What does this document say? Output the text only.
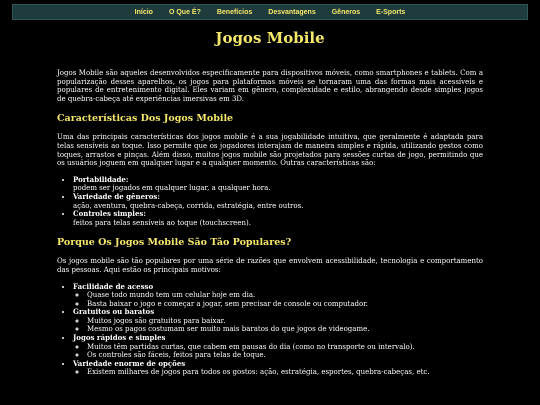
Início	O Que É?	Benefícios	Desvantagens	Gêneros	E-Sports
Jogos Mobile

Jogos Mobile são aqueles desenvolvidos especificamente para dispositivos móveis, como smartphones e tablets. Com a popularização desses aparelhos, os jogos para plataformas móveis se tornaram uma das formas mais acessíveis e populares de entretenimento digital. Eles variam em gênero, complexidade e estilo, abrangendo desde simples jogos de quebra-cabeça até experiências imersivas em 3D.

Características Dos Jogos Mobile

Uma das principais características dos jogos mobile é a sua jogabilidade intuitiva, que geralmente é adaptada para telas sensíveis ao toque. Isso permite que os jogadores interajam de maneira simples e rápida, utilizando gestos como toques, arrastos e pinças. Além disso, muitos jogos mobile são projetados para sessões curtas de jogo, permitindo que os usuários joguem em qualquer lugar e a qualquer momento. Outras características são:

• Portabilidade:
podem ser jogados em qualquer lugar, a qualquer hora.
• Variedade de gêneros:
ação, aventura, quebra-cabeça, corrida, estratégia, entre outros.
• Controles simples:
feitos para telas sensíveis ao toque (touchscreen).
Porque Os Jogos Mobile São Tão Populares?

Os jogos mobile são tão populares por uma série de razões que envolvem acessibilidade, tecnologia e comportamento das pessoas. Aqui estão os principais motivos:

• Facilidade de acesso
◦ Quase todo mundo tem um celular hoje em dia.
◦ Basta baixar o jogo e começar a jogar, sem precisar de console ou computador.
• Gratuitos ou baratos
◦ Muitos jogos são gratuitos para baixar.
◦ Mesmo os pagos costumam ser muito mais baratos do que jogos de videogame.
• Jogos rápidos e simples
◦ Muitos têm partidas curtas, que cabem em pausas do dia (como no transporte ou intervalo).
◦ Os controles são fáceis, feitos para telas de toque.
• Variedade enorme de opções
◦ Existem milhares de jogos para todos os gostos: ação, estratégia, esportes, quebra-cabeças, etc.
